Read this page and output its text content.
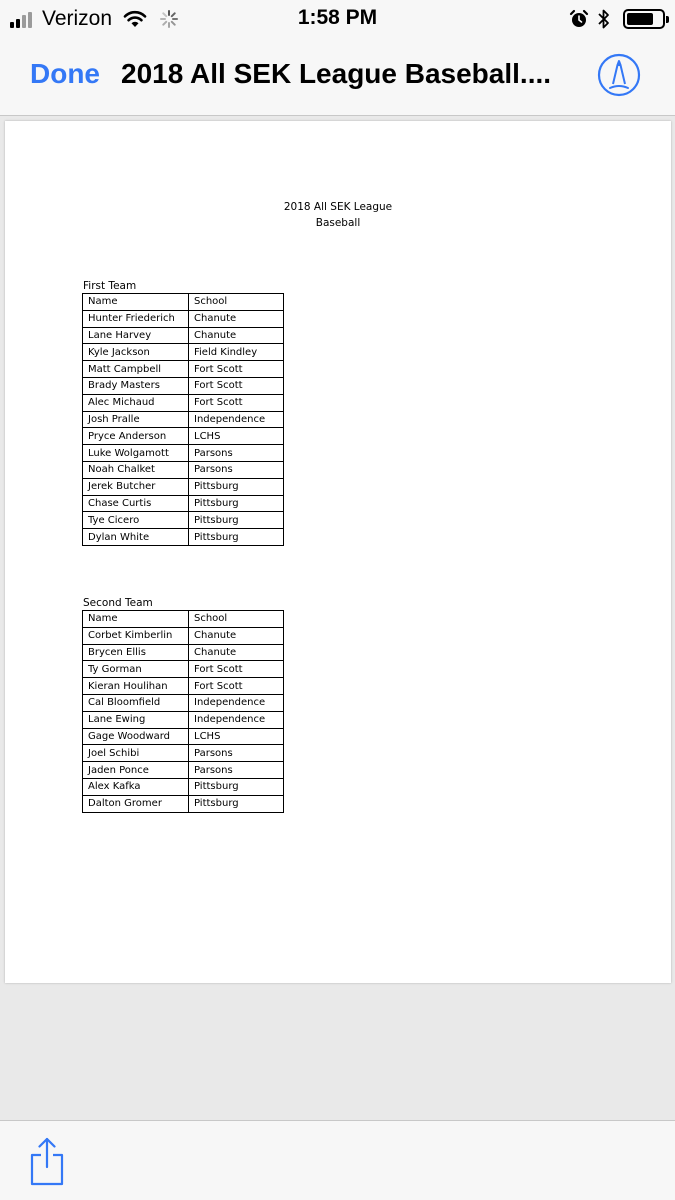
Verizon	1:58 PM
Done 2018 All SEK League Baseball....
2018 All SEK League
Baseball
First Team
Name	School
Hunter Friederich	Chanute
Lane Harvey	Chanute
Kyle Jackson	Field Kindley
Matt Campbell	Fort Scott
Brady Masters	Fort Scott
Alec Michaud	Fort Scott
Josh Pralle	Independence
Pryce Anderson	LCHS
Luke Wolgamott	Parsons
Noah Chalket	Parsons
Jerek Butcher	Pittsburg
Chase Curtis	Pittsburg
Tye Cicero	Pittsburg
Dylan White	Pittsburg
Second Team
Name	School
Corbet Kimberlin	Chanute
Brycen Ellis	Chanute
Ty Gorman	Fort Scott
Kieran Houlihan	Fort Scott
Cal Bloomfield	Independence
Lane Ewing	Independence
Gage Woodward	LCHS
Joel Schibi	Parsons
Jaden Ponce	Parsons
Alex Kafka	Pittsburg
Dalton Gromer	Pittsburg
